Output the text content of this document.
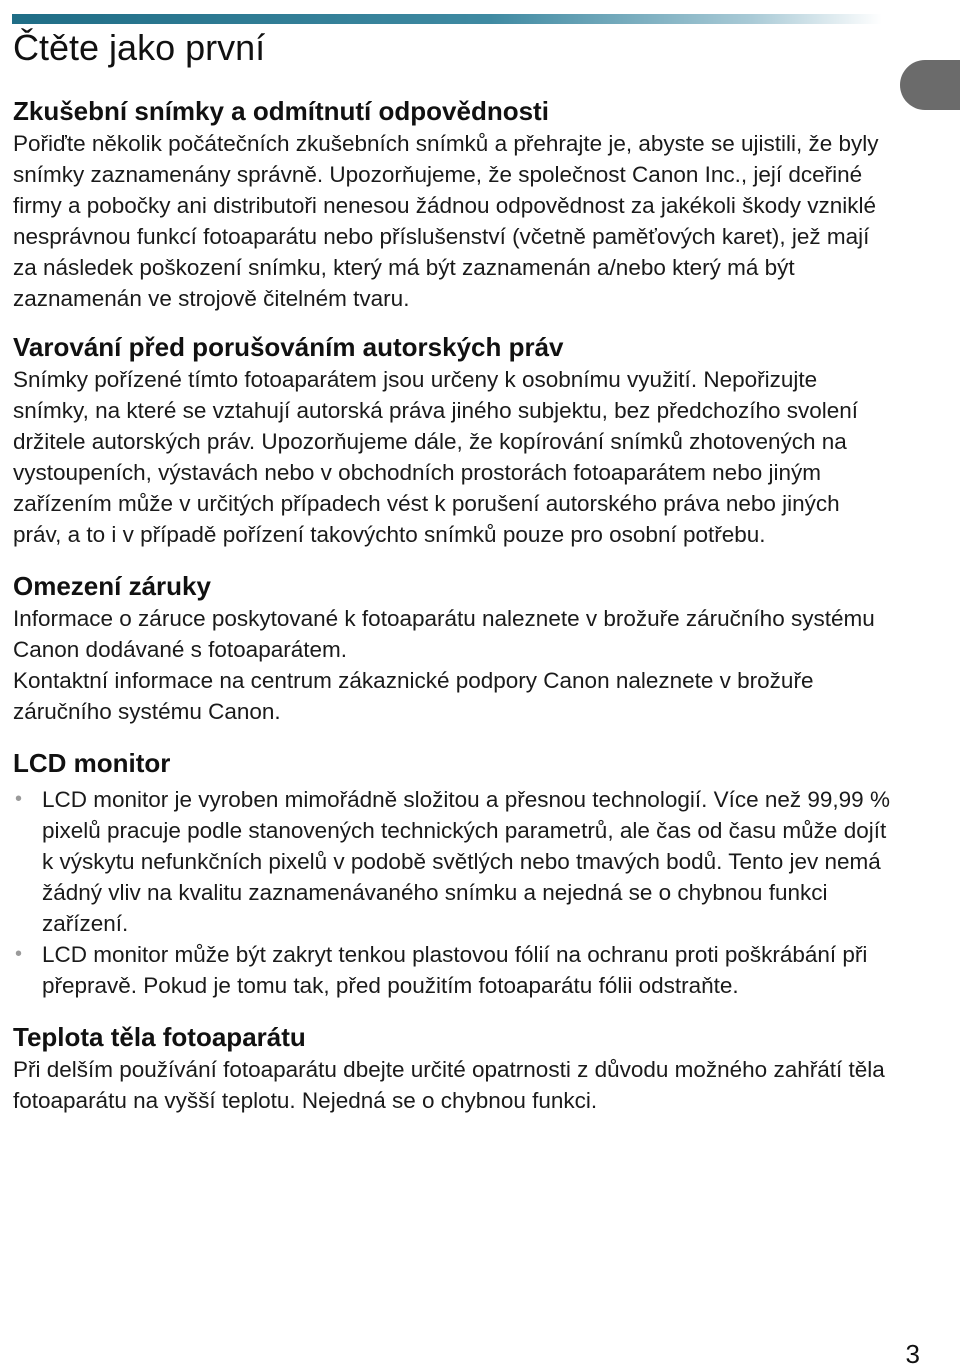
Čtěte jako první
Zkušební snímky a odmítnutí odpovědnosti

Pořiďte několik počátečních zkušebních snímků a přehrajte je, abyste se ujistili, že byly snímky zaznamenány správně. Upozorňujeme, že společnost Canon Inc., její dceřiné firmy a pobočky ani distributoři nenesou žádnou odpovědnost za jakékoli škody vzniklé nesprávnou funkcí fotoaparátu nebo příslušenství (včetně paměťových karet), jež mají za následek poškození snímku, který má být zaznamenán a/nebo který má být zaznamenán ve strojově čitelném tvaru.

Varování před porušováním autorských práv

Snímky pořízené tímto fotoaparátem jsou určeny k osobnímu využití. Nepořizujte snímky, na které se vztahují autorská práva jiného subjektu, bez předchozího svolení držitele autorských práv. Upozorňujeme dále, že kopírování snímků zhotovených na vystoupeních, výstavách nebo v obchodních prostorách fotoaparátem nebo jiným zařízením může v určitých případech vést k porušení autorského práva nebo jiných práv, a to i v případě pořízení takovýchto snímků pouze pro osobní potřebu.

Omezení záruky

Informace o záruce poskytované k fotoaparátu naleznete v brožuře záručního systému Canon dodávané s fotoaparátem.

Kontaktní informace na centrum zákaznické podpory Canon naleznete v brožuře záručního systému Canon.

LCD monitor
• LCD monitor je vyroben mimořádně složitou a přesnou technologií. Více než 99,99 % pixelů pracuje podle stanovených technických parametrů, ale čas od času může dojít k výskytu nefunkčních pixelů v podobě světlých nebo tmavých bodů. Tento jev nemá žádný vliv na kvalitu zaznamenávaného snímku a nejedná se o chybnou funkci zařízení.
• LCD monitor může být zakryt tenkou plastovou fólií na ochranu proti poškrábání při přepravě. Pokud je tomu tak, před použitím fotoaparátu fólii odstraňte.
Teplota těla fotoaparátu

Při delším používání fotoaparátu dbejte určité opatrnosti z důvodu možného zahřátí těla fotoaparátu na vyšší teplotu. Nejedná se o chybnou funkci.

3
